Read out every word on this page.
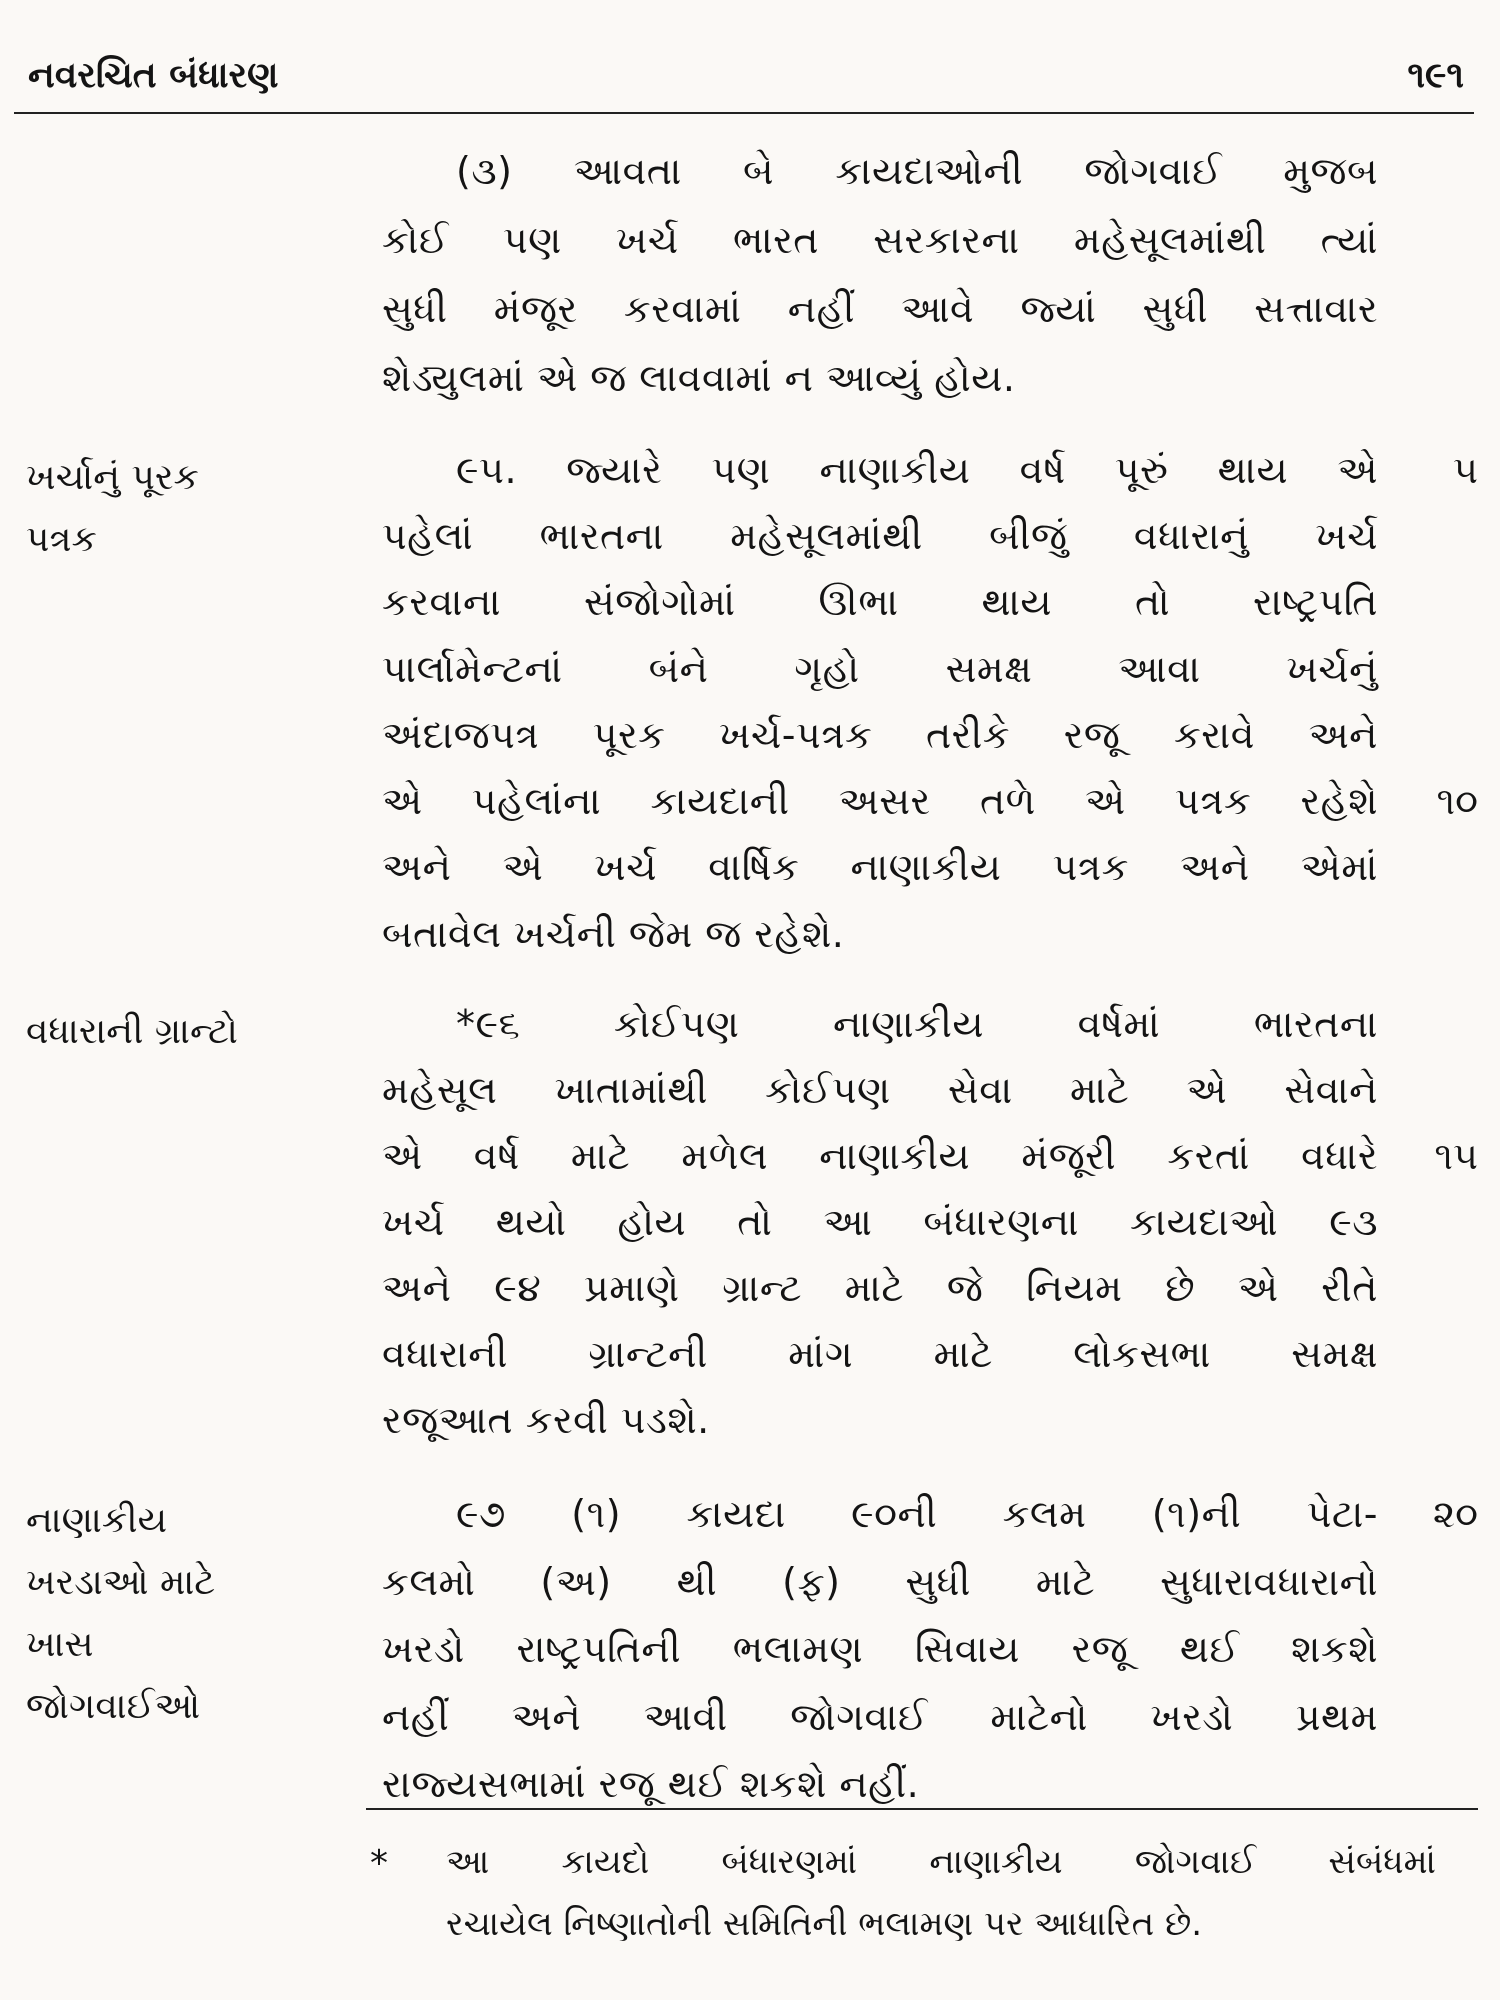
નવરચિત બંધારણ	૧૯૧
(૩) આવતા બે કાયદાઓની જોગવાઈ મુજબ
કોઈ પણ ખર્ચ ભારત સરકારના મહેસૂલમાંથી ત્યાં
સુધી મંજૂર કરવામાં નહીં આવે જ્યાં સુધી સત્તાવાર
શેડ્યુલમાં એ જ લાવવામાં ન આવ્યું હોય.
ખર્ચાનું પૂરક
પત્રક
૯૫. જ્યારે પણ નાણાકીય વર્ષ પૂરું થાય એ
પહેલાં ભારતના મહેસૂલમાંથી બીજું વધારાનું ખર્ચ
કરવાના સંજોગોમાં ઊભા થાય તો રાષ્ટ્રપતિ
પાર્લામેન્ટનાં બંને ગૃહો સમક્ષ આવા ખર્ચનું
અંદાજપત્ર પૂરક ખર્ચ-પત્રક તરીકે રજૂ કરાવે અને
એ પહેલાંના કાયદાની અસર તળે એ પત્રક રહેશે
અને એ ખર્ચ વાર્ષિક નાણાકીય પત્રક અને એમાં
બતાવેલ ખર્ચની જેમ જ રહેશે.
વધારાની ગ્રાન્ટો	*૯૬ કોઈપણ નાણાકીય વર્ષમાં ભારતના
મહેસૂલ ખાતામાંથી કોઈપણ સેવા માટે એ સેવાને
એ વર્ષ માટે મળેલ નાણાકીય મંજૂરી કરતાં વધારે
ખર્ચ થયો હોય તો આ બંધારણના કાયદાઓ ૯૩
અને ૯૪ પ્રમાણે ગ્રાન્ટ માટે જે નિયમ છે એ રીતે
વધારાની ગ્રાન્ટની માંગ માટે લોકસભા સમક્ષ
રજૂઆત કરવી પડશે.
નાણાકીય
ખરડાઓ માટે
ખાસ
જોગવાઈઓ
૯૭ (૧) કાયદા ૯૦ની કલમ (૧)ની પેટા-
કલમો (અ) થી (ફ) સુધી માટે સુધારાવધારાનો
ખરડો રાષ્ટ્રપતિની ભલામણ સિવાય રજૂ થઈ શકશે
નહીં અને આવી જોગવાઈ માટેનો ખરડો પ્રથમ
રાજ્યસભામાં રજૂ થઈ શકશે નહીં.
૫
૧૦
૧૫
૨૦
* આ કાયદો બંધારણમાં નાણાકીય જોગવાઈ સંબંધમાં
રચાયેલ નિષ્ણાતોની સમિતિની ભલામણ પર આધારિત છે.
